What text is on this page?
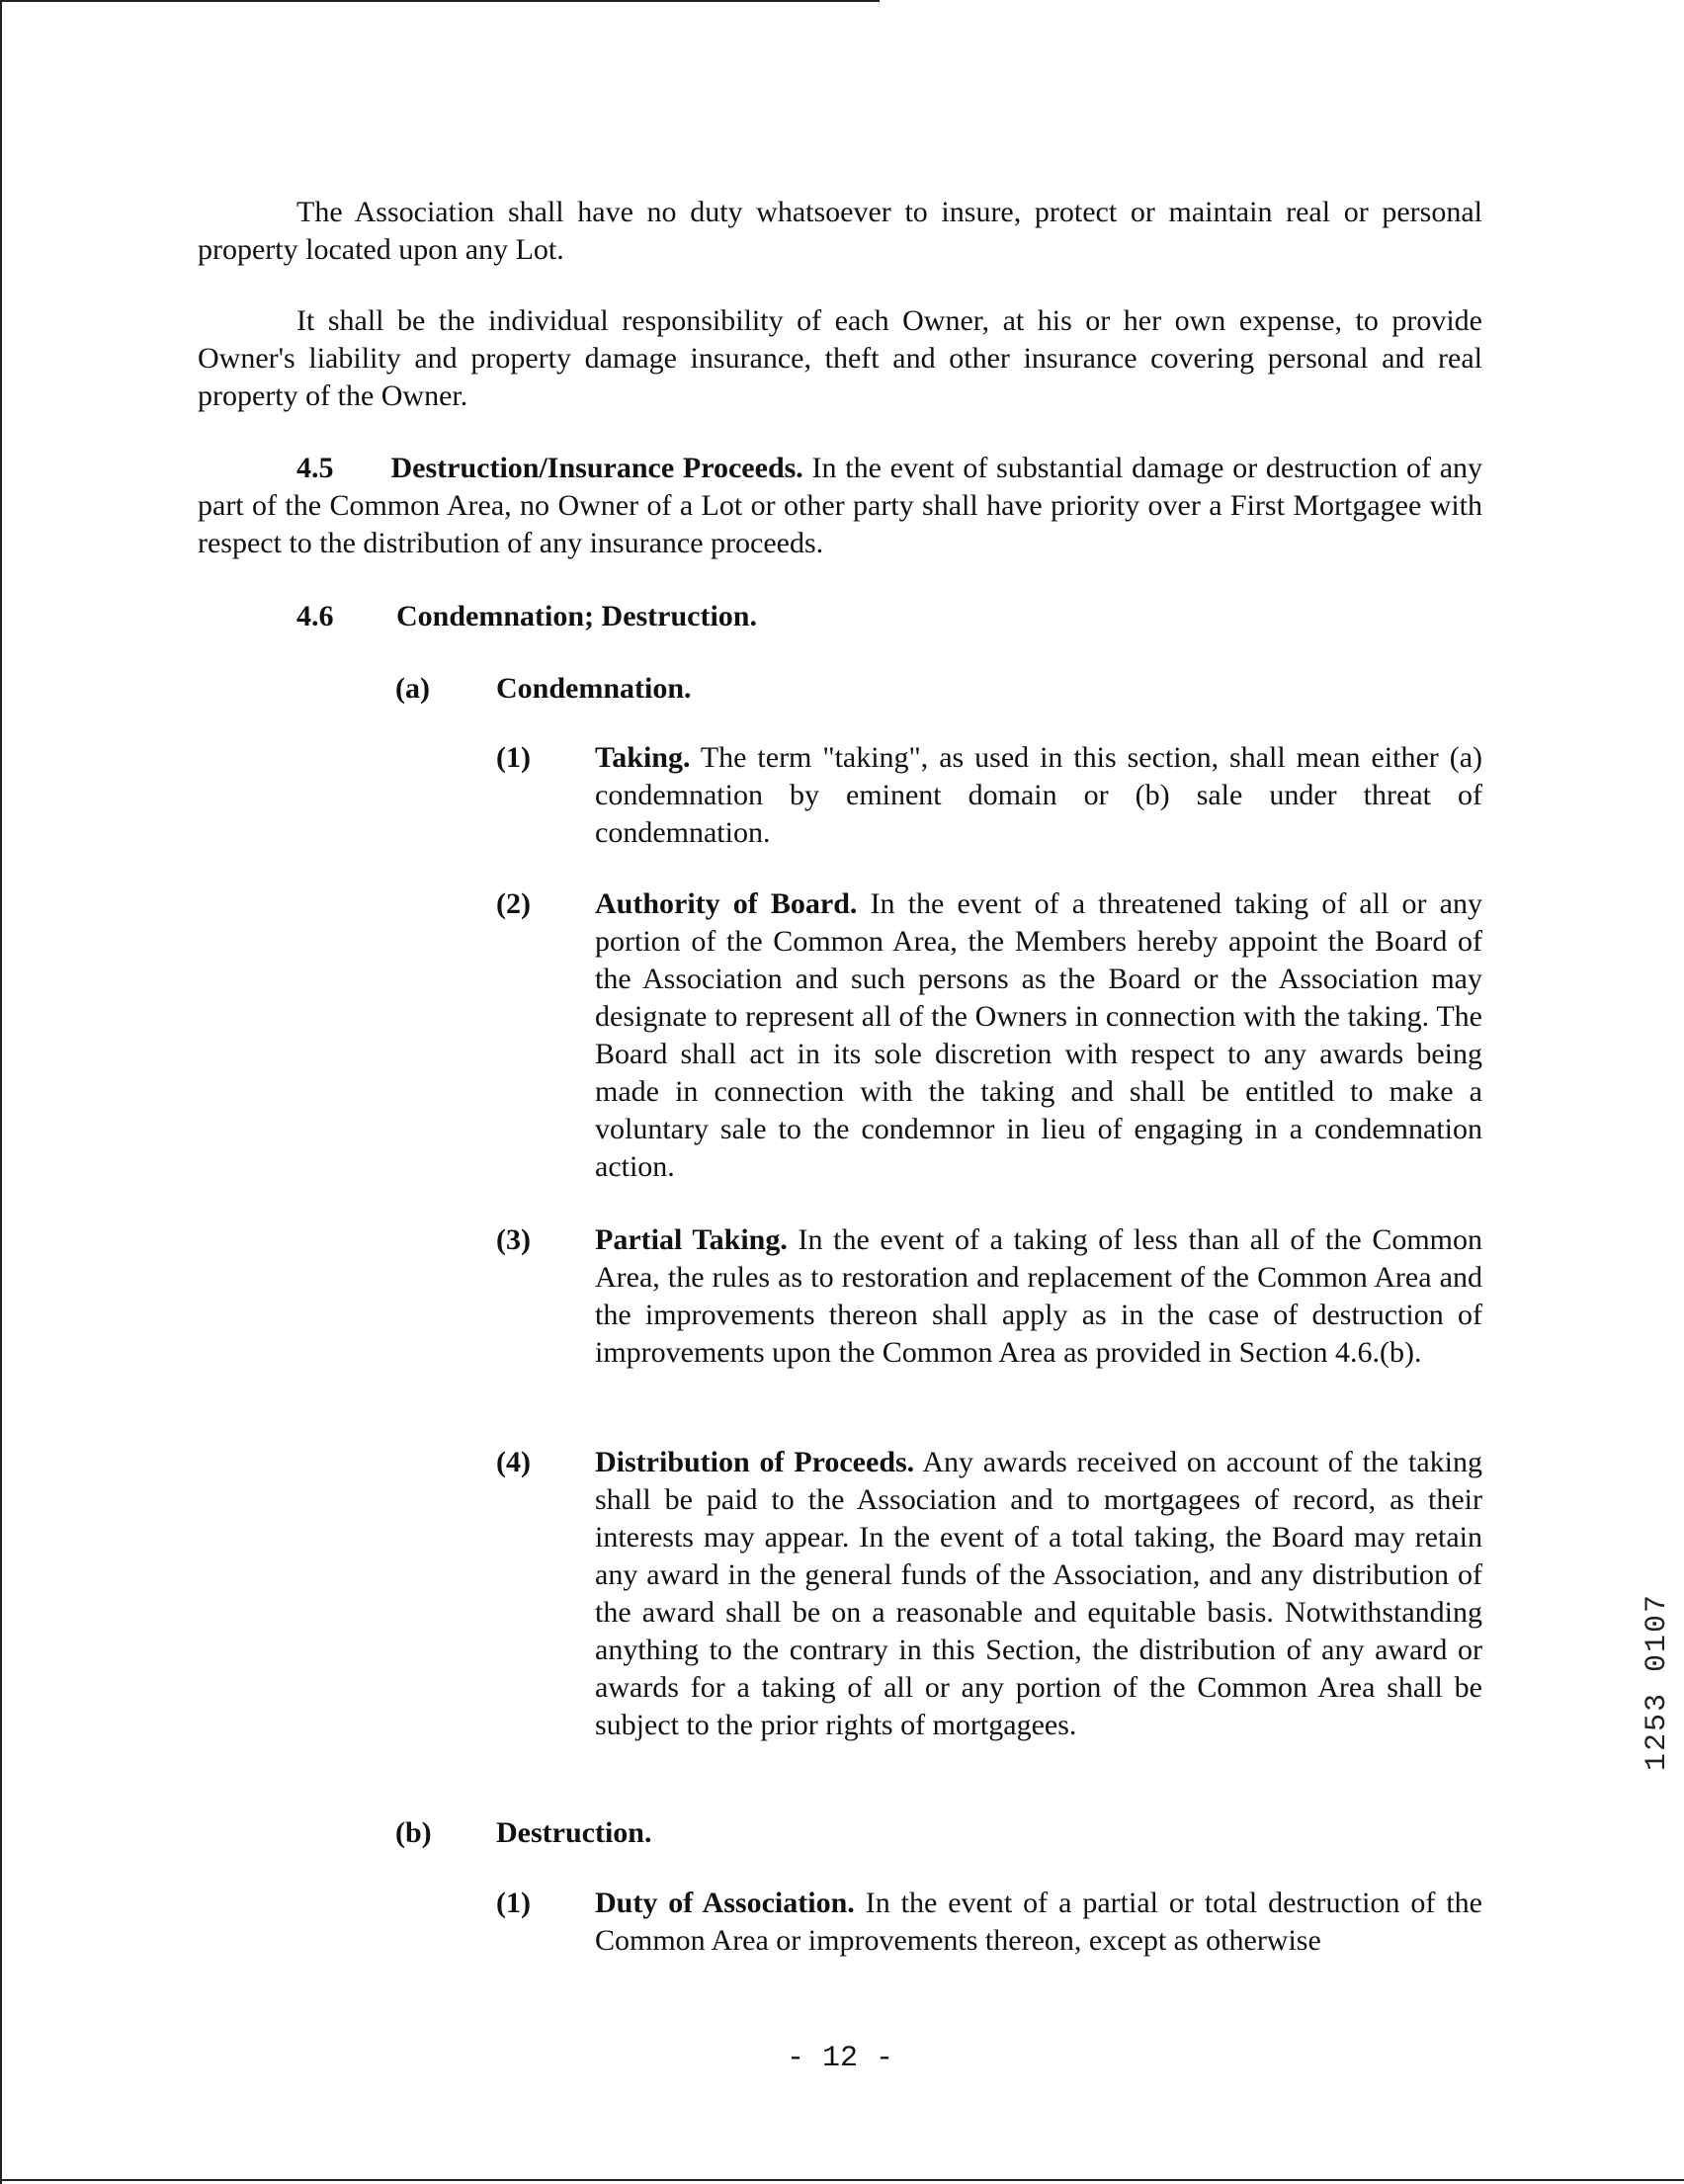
The Association shall have no duty whatsoever to insure, protect or maintain real or personal property located upon any Lot.

It shall be the individual responsibility of each Owner, at his or her own expense, to provide Owner's liability and property damage insurance, theft and other insurance covering personal and real property of the Owner.

4.5 Destruction/Insurance Proceeds. In the event of substantial damage or destruction of any part of the Common Area, no Owner of a Lot or other party shall have priority over a First Mortgagee with respect to the distribution of any insurance proceeds.

4.6 Condemnation; Destruction.
(a) Condemnation.
(1) Taking. The term "taking", as used in this section, shall mean either (a) condemnation by eminent domain or (b) sale under threat of condemnation.

(2) Authority of Board. In the event of a threatened taking of all or any portion of the Common Area, the Members hereby appoint the Board of the Association and such persons as the Board or the Association may designate to represent all of the Owners in connection with the taking. The Board shall act in its sole discretion with respect to any awards being made in connection with the taking and shall be entitled to make a voluntary sale to the condemnor in lieu of engaging in a condemnation action.

(3) Partial Taking. In the event of a taking of less than all of the Common Area, the rules as to restoration and replacement of the Common Area and the improvements thereon shall apply as in the case of destruction of improvements upon the Common Area as provided in Section 4.6.(b).

(4) Distribution of Proceeds. Any awards received on account of the taking shall be paid to the Association and to mortgagees of record, as their interests may appear. In the event of a total taking, the Board may retain any award in the general funds of the Association, and any distribution of the award shall be on a reasonable and equitable basis. Notwithstanding anything to the contrary in this Section, the distribution of any award or awards for a taking of all or any portion of the Common Area shall be subject to the prior rights of mortgagees.

(b) Destruction.
(1) Duty of Association. In the event of a partial or total destruction of the Common Area or improvements thereon, except as otherwise

- 12 -
1253 0107
